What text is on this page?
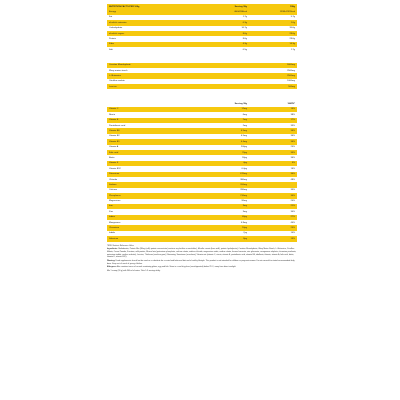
NUTRITION FACTS PER 100g	Serving 30g	100g
Energy	400kJ/96kcal	1330kJ/321kcal
Fat	1.7g	5.7g
of which saturates	0.3g	1.0g
Carbohydrate	10.7g	35.6g
of which sugars	8.6g	28.6g
Protein	8.6g	28.6g
Fibre	4.3g	14.3g
Salt	0.5g	1.7g
Creatine Monohydrate		5000mg
Waxy maize starch		2500mg
L-Glutamine		2500mg
Citrulline malate		1000mg
Leucine		500mg
	Serving 30g	%NRV*
Vitamin C	12mg	15%
Niacin	6mg	38%
Vitamin E	2mg	17%
Pantothenic acid	2mg	33%
Vitamin B6	0.5mg	36%
Vitamin B2	0.5mg	36%
Vitamin B1	0.4mg	36%
Vitamin A	200µg	25%
Folic acid	70µg	35%
Biotin	18µg	36%
Vitamin K	4µg	5%
Vitamin B12	0.4µg	16%
Potassium	670mg	34%
Chloride	380mg	48%
Sodium	200mg	
Calcium	280mg	35%
Phosphorus	210mg	30%
Magnesium	90mg	24%
Iron	3mg	21%
Zinc	3mg	30%
Iodine	40µg	27%
Manganese	0.8mg	40%
Chromium	10µg	25%
Iodide	7µg	14%
Selenium	8µg	15%

*NRV: Nutrient Reference Value

Ingredients: Maltodextrin, Protein Mix (Whey (milk) protein concentrate (contains soy lecithin as emulsifier), Micellar casein (from milk), protein hydrolysate), Creatine Monohydrate, Waxy Maize Starch, L-Glutamine, Citrulline Malate, Cocoa Powder, Fructose, milk protein, Mineral mix (potassium phosphate, calcium citrate, sodium chloride, magnesium oxide, sodium citrate, ferrous fumarate, zinc gluconate, manganese sulphate, chromium picolinate, potassium iodide, sodium selenite), Leucine, Thickener (xanthan gum), Flavouring, Sweetener (sucralose), Vitamin mix (vitamin C, niacin, vitamin E, pantothenic acid, vitamin B6, riboflavin, thiamin, vitamin A, folic acid, biotin, vitamin K, vitamin B12).

Warning: Food supplements should not be used as a substitute for a varied and balanced diet and a healthy lifestyle. This product is not intended for children or pregnant women. Do not exceed the stated recommended daily dose. Keep out of reach of young children.

Allergens: Also contains traces of cereals containing gluten, egg and fish. Store in a cool dry place (unrefrigerated) below 25°C, away from direct sunlight.

Mix 1 scoop (30 g) with 300 ml of water. Take 1-3 servings daily.
